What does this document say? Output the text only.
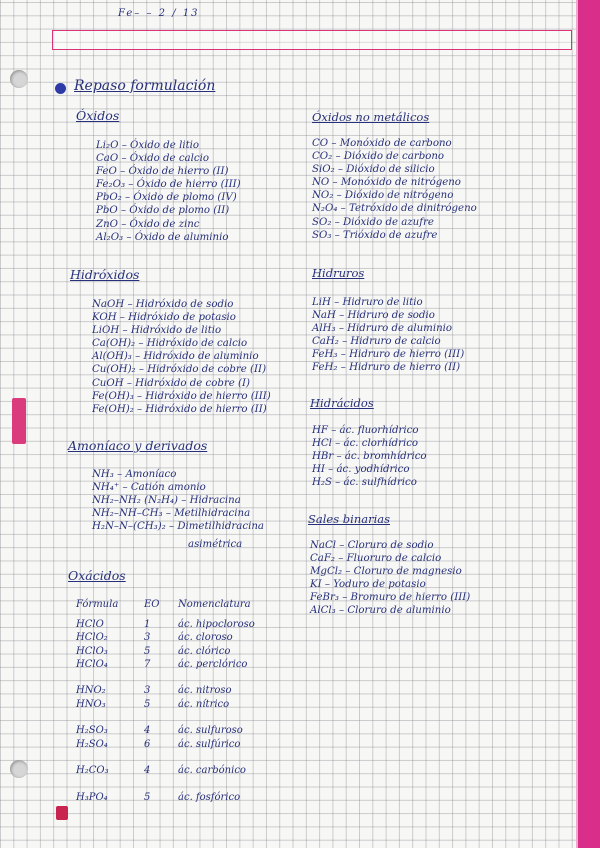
Fe– – 2 / 13
Repaso formulación
Óxidos
Li₂O – Óxido de litio
CaO – Óxido de calcio
FeO – Óxido de hierro (II)
Fe₂O₃ – Óxido de hierro (III)
PbO₂ – Óxido de plomo (IV)
PbO – Óxido de plomo (II)
ZnO – Óxido de zinc
Al₂O₃ – Óxido de aluminio
Hidróxidos
NaOH – Hidróxido de sodio
KOH – Hidróxido de potasio
LiOH – Hidróxido de litio
Ca(OH)₂ – Hidróxido de calcio
Al(OH)₃ – Hidróxido de aluminio
Cu(OH)₂ – Hidróxido de cobre (II)
CuOH – Hidróxido de cobre (I)
Fe(OH)₃ – Hidróxido de hierro (III)
Fe(OH)₂ – Hidróxido de hierro (II)
Amoníaco y derivados
NH₃ – Amoníaco
NH₄⁺ – Catión amonio
NH₂–NH₂ (N₂H₄) – Hidracina
NH₂–NH–CH₃ – Metilhidracina
H₂N–N–(CH₃)₂ – Dimetilhidracina
asimétrica
Oxácidos
Fórmula	EO	Nomenclatura

HClO	1	ác. hipocloroso
HClO₂	3	ác. cloroso
HClO₃	5	ác. clórico
HClO₄	7	ác. perclórico

HNO₂	3	ác. nitroso
HNO₃	5	ác. nítrico

H₂SO₃	4	ác. sulfuroso
H₂SO₄	6	ác. sulfúrico

H₂CO₃	4	ác. carbónico

H₃PO₄	5	ác. fosfórico
Óxidos no metálicos
CO – Monóxido de carbono
CO₂ – Dióxido de carbono
SiO₂ – Dióxido de silicio
NO – Monóxido de nitrógeno
NO₂ – Dióxido de nitrógeno
N₂O₄ – Tetróxido de dinitrógeno
SO₂ – Dióxido de azufre
SO₃ – Trióxido de azufre
Hidruros
LiH – Hidruro de litio
NaH – Hidruro de sodio
AlH₃ – Hidruro de aluminio
CaH₂ – Hidruro de calcio
FeH₃ – Hidruro de hierro (III)
FeH₂ – Hidruro de hierro (II)
Hidrácidos
HF – ác. fluorhídrico
HCl – ác. clorhídrico
HBr – ác. bromhídrico
HI – ác. yodhídrico
H₂S – ác. sulfhídrico
Sales binarias
NaCl – Cloruro de sodio
CaF₂ – Fluoruro de calcio
MgCl₂ – Cloruro de magnesio
KI – Yoduro de potasio
FeBr₃ – Bromuro de hierro (III)
AlCl₃ – Cloruro de aluminio
